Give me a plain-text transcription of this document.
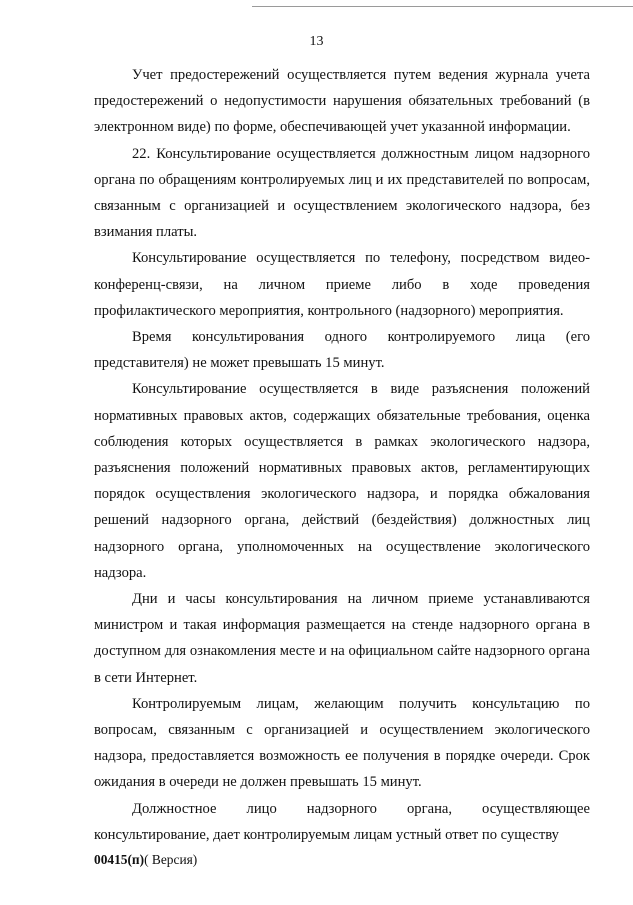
13

Учет предостережений осуществляется путем ведения журнала учета предостережений о недопустимости нарушения обязательных требований (в электронном виде) по форме, обеспечивающей учет указанной информации.

22. Консультирование осуществляется должностным лицом надзорного органа по обращениям контролируемых лиц и их представителей по вопросам, связанным с организацией и осуществлением экологического надзора, без взимания платы.

Консультирование осуществляется по телефону, посредством видео-конференц-связи, на личном приеме либо в ходе проведения профилактического мероприятия, контрольного (надзорного) мероприятия.

Время консультирования одного контролируемого лица (его представителя) не может превышать 15 минут.

Консультирование осуществляется в виде разъяснения положений нормативных правовых актов, содержащих обязательные требования, оценка соблюдения которых осуществляется в рамках экологического надзора, разъяснения положений нормативных правовых актов, регламентирующих порядок осуществления экологического надзора, и порядка обжалования решений надзорного органа, действий (бездействия) должностных лиц надзорного органа, уполномоченных на осуществление экологического надзора.

Дни и часы консультирования на личном приеме устанавливаются министром и такая информация размещается на стенде надзорного органа в доступном для ознакомления месте и на официальном сайте надзорного органа в сети Интернет.

Контролируемым лицам, желающим получить консультацию по вопросам, связанным с организацией и осуществлением экологического надзора, предоставляется возможность ее получения в порядке очереди. Срок ожидания в очереди не должен превышать 15 минут.

Должностное лицо надзорного органа, осуществляющее консультирование, дает контролируемым лицам устный ответ по существу

00415(п)( Версия)
